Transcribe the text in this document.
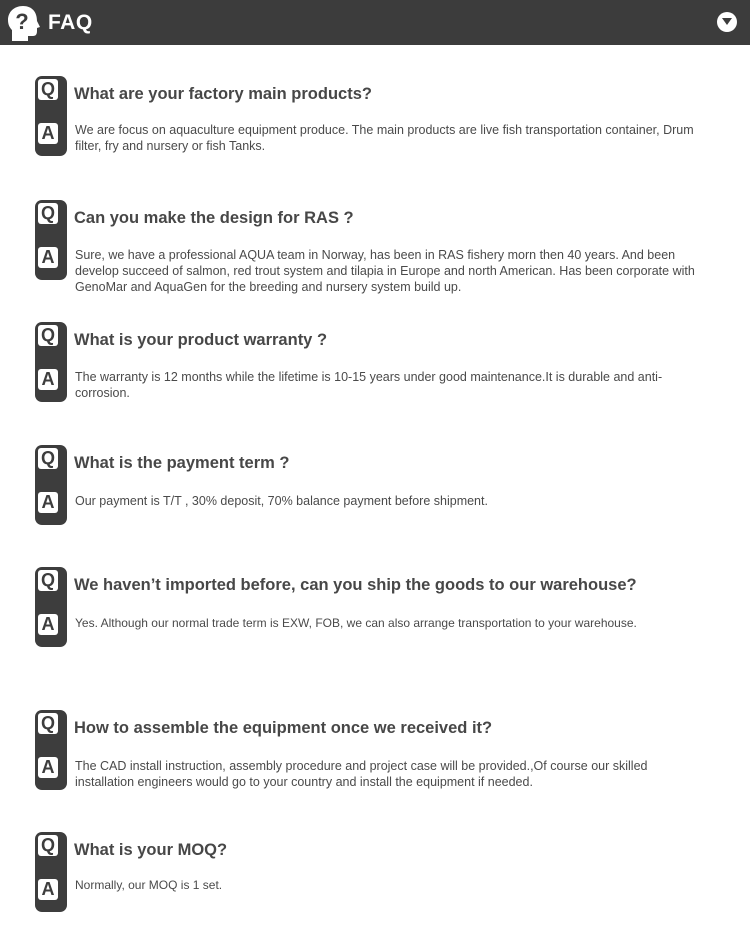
? FAQ
Q
A
What are your factory main products?
We are focus on aquaculture equipment produce. The main products are live fish transportation container, Drum filter, fry and nursery or fish Tanks.
Q
A
Can you make the design for RAS ?
Sure, we have a professional AQUA team in Norway, has been in RAS fishery morn then 40 years. And been develop succeed of salmon, red trout system and tilapia in Europe and north American. Has been corporate with GenoMar and AquaGen for the breeding and nursery system build up.
Q
A
What is your product warranty ?
The warranty is 12 months while the lifetime is 10-15 years under good maintenance.It is durable and anti-corrosion.
Q
A
What is the payment term ?
Our payment is T/T , 30% deposit, 70% balance payment before shipment.
Q
A
We haven’t imported before, can you ship the goods to our warehouse?
Yes. Although our normal trade term is EXW, FOB, we can also arrange transportation to your warehouse.
Q
A
How to assemble the equipment once we received it?
The CAD install instruction, assembly procedure and project case will be provided.,Of course our skilled installation engineers would go to your country and install the equipment if needed.
Q
A
What is your MOQ?
Normally, our MOQ is 1 set.
